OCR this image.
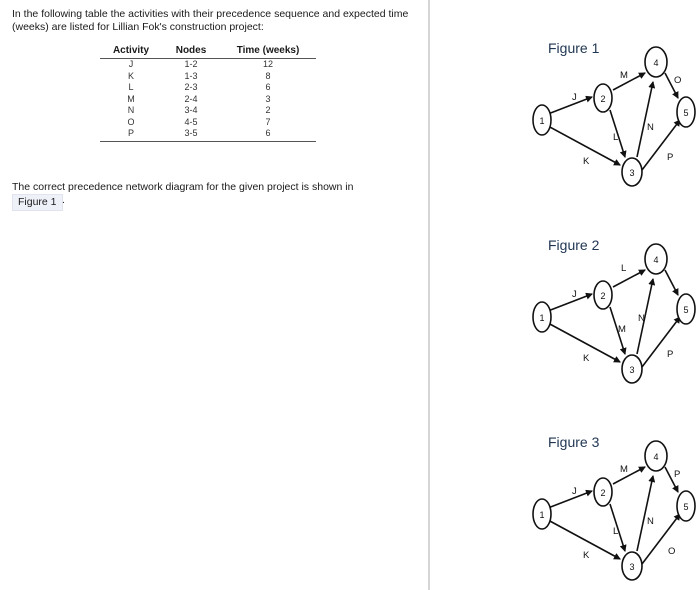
In the following table the activities with their precedence sequence and expected time (weeks) are listed for Lillian Fok's construction project:
Activity	Nodes	Time (weeks)
J	1-2	12
K	1-3	8
L	2-3	6
M	2-4	3
N	3-4	2
O	4-5	7
P	3-5	6
The correct precedence network diagram for the given project is shown in
Figure 1 .
Figure 1
1
2
3
4
5
J
K
L
M
N
O
P
Figure 2
1
2
3
4
5
J
K
L
M
N
P
Figure 3
1
2
3
4
5
J
K
L
M
N
P
O
